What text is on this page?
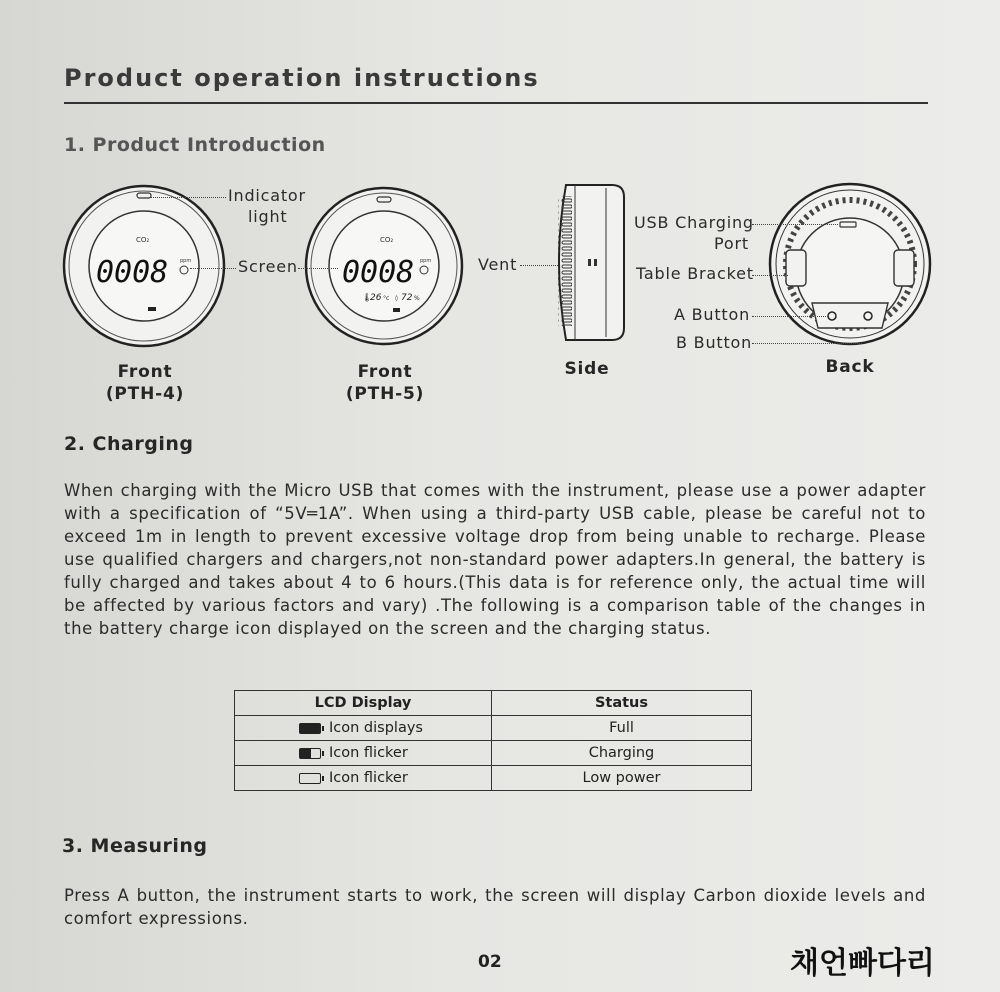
Product operation instructions
1. Product Introduction
CO₂
0008 ppm
CO₂
0008 ppm
🌡
26 °c ◊ 72 %
Indicator
light
Screen	Vent
USB Charging
Port
Table Bracket
A Button
B Button
Front
(PTH-4)
Front
(PTH-5)
Side	Back
2. Charging
When charging with the Micro USB that comes with the instrument, please use a power adapter with a specification of “5V═⁠1A”. When using a third-party USB cable, please be careful not to exceed 1m in length to prevent excessive voltage drop from being unable to recharge. Please use qualified chargers and chargers,not non-standard power adapters.In general, the battery is fully charged and takes about 4 to 6 hours.(This data is for reference only, the actual time will be affected by various factors and vary) .The following is a comparison table of the changes in the battery charge icon displayed on the screen and the charging status.
LCD Display	Status
Icon displays	Full
Icon flicker	Charging
Icon flicker	Low power
3. Measuring
Press A button, the instrument starts to work, the screen will display Carbon dioxide levels and comfort expressions.
02	채언빠다리
